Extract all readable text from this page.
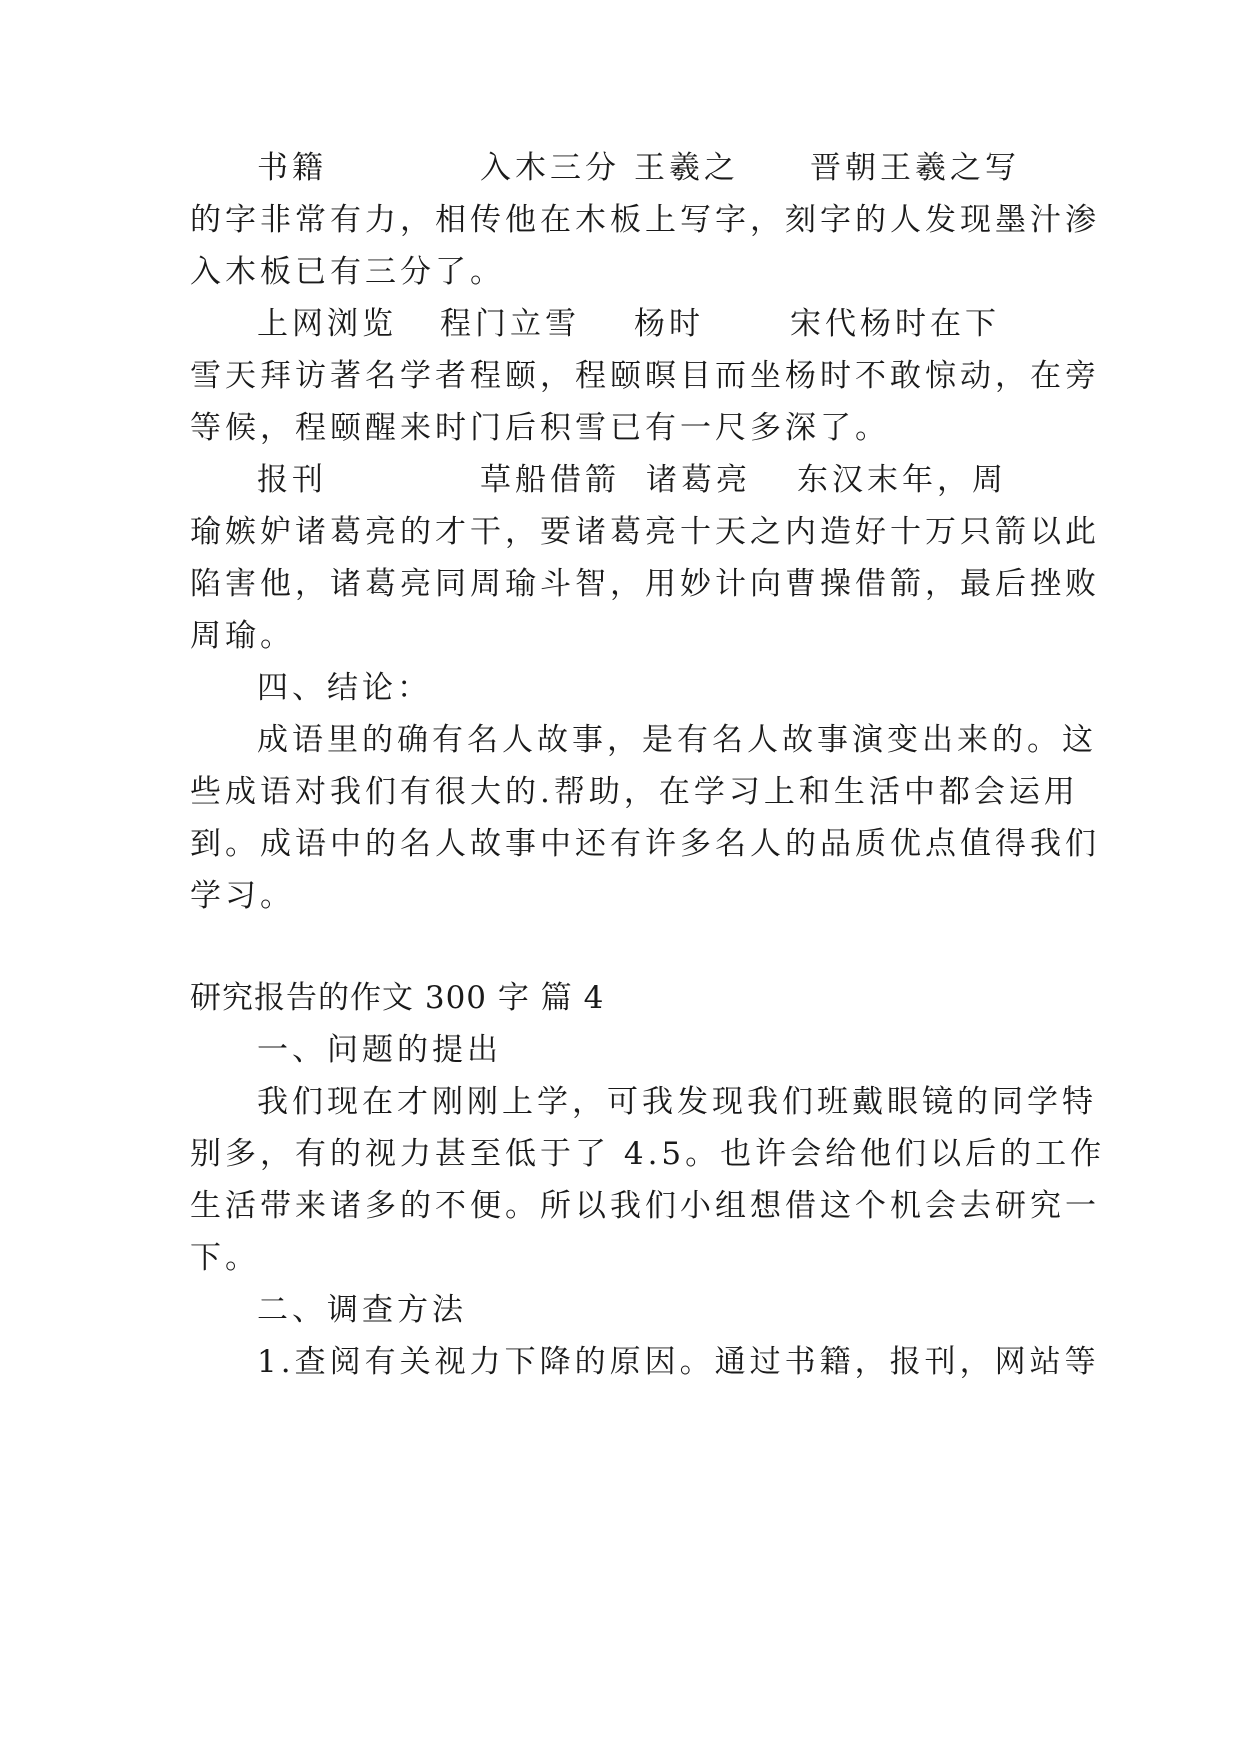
书籍	入木三分 王羲之 晋朝王羲之写
的字非常有力，相传他在木板上写字，刻字的人发现墨汁渗
入木板已有三分了。
上网浏览 程门立雪 杨时	宋代杨时在下
雪天拜访著名学者程颐，程颐暝目而坐杨时不敢惊动，在旁
等候，程颐醒来时门后积雪已有一尺多深了。
报刊	草船借箭 诸葛亮 东汉末年，周
瑜嫉妒诸葛亮的才干，要诸葛亮十天之内造好十万只箭以此
陷害他，诸葛亮同周瑜斗智，用妙计向曹操借箭，最后挫败
周瑜。
四、结论：
成语里的确有名人故事，是有名人故事演变出来的。这
些成语对我们有很大的.帮助，在学习上和生活中都会运用
到。成语中的名人故事中还有许多名人的品质优点值得我们
学习。
研究报告的作文 300 字 篇 4
一、问题的提出
我们现在才刚刚上学，可我发现我们班戴眼镜的同学特
别多，有的视力甚至低于了 4.5。也许会给他们以后的工作
生活带来诸多的不便。所以我们小组想借这个机会去研究一
下。
二、调查方法
1.查阅有关视力下降的原因。通过书籍，报刊，网站等
